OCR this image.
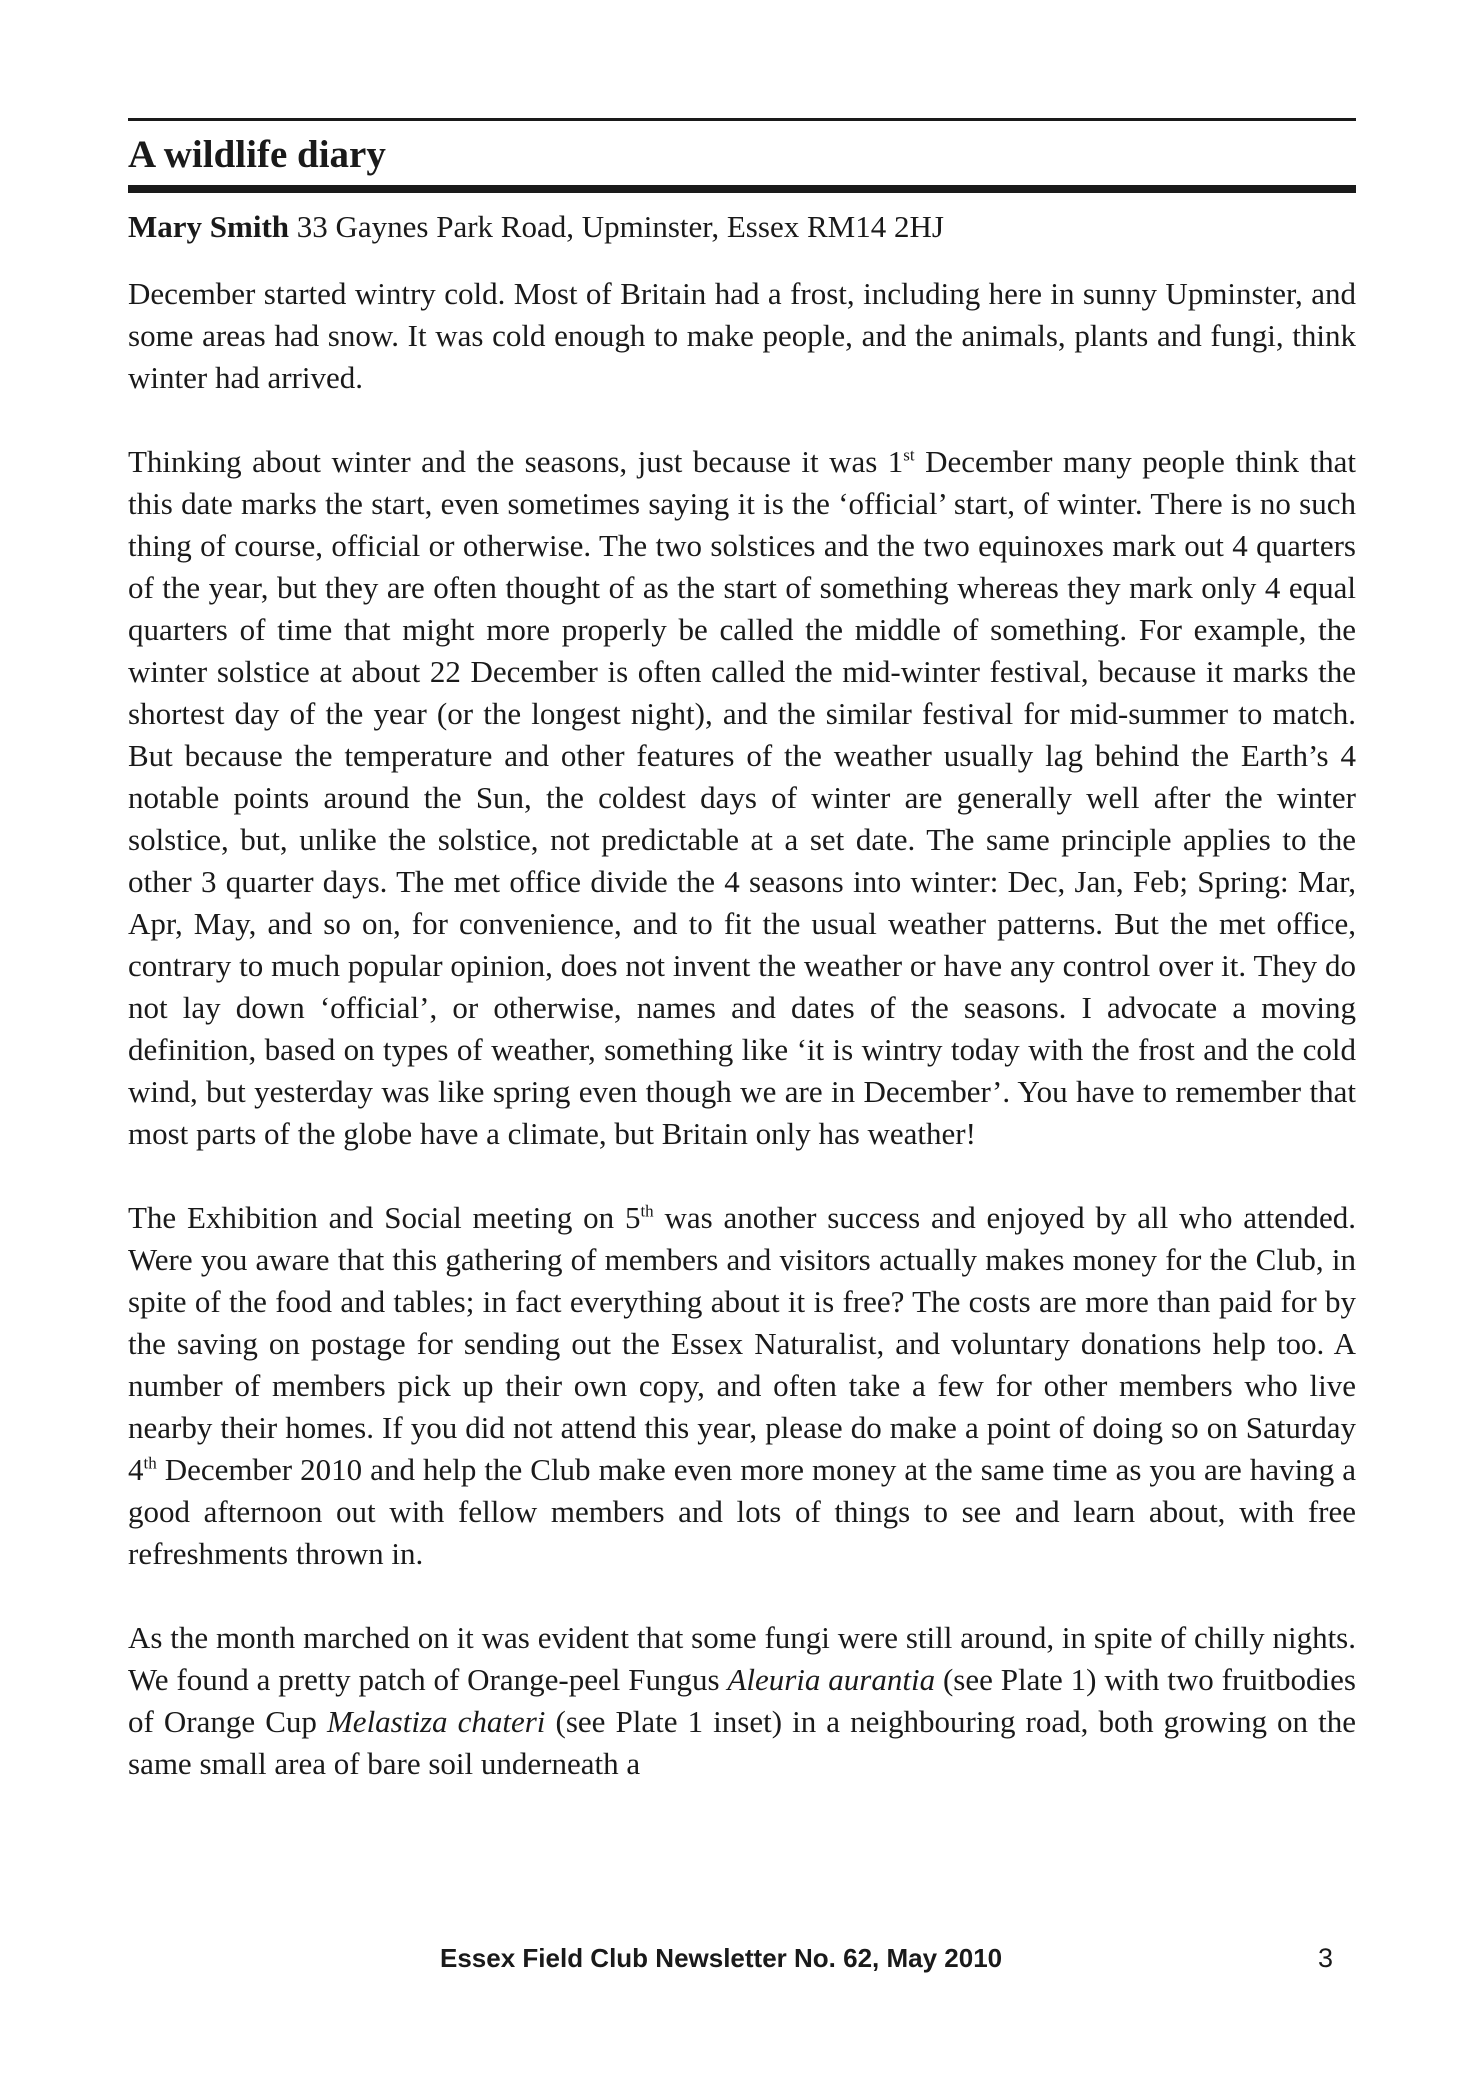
A wildlife diary

Mary Smith 33 Gaynes Park Road, Upminster, Essex RM14 2HJ

December started wintry cold. Most of Britain had a frost, including here in sunny Upminster, and some areas had snow. It was cold enough to make people, and the animals, plants and fungi, think winter had arrived.

Thinking about winter and the seasons, just because it was 1st December many people think that this date marks the start, even sometimes saying it is the ‘official’ start, of winter. There is no such thing of course, official or otherwise. The two solstices and the two equinoxes mark out 4 quarters of the year, but they are often thought of as the start of something whereas they mark only 4 equal quarters of time that might more properly be called the middle of something. For example, the winter solstice at about 22 December is often called the mid-winter festival, because it marks the shortest day of the year (or the longest night), and the similar festival for mid-summer to match. But because the temperature and other features of the weather usually lag behind the Earth’s 4 notable points around the Sun, the coldest days of winter are generally well after the winter solstice, but, unlike the solstice, not predictable at a set date. The same principle applies to the other 3 quarter days. The met office divide the 4 seasons into winter: Dec, Jan, Feb; Spring: Mar, Apr, May, and so on, for convenience, and to fit the usual weather patterns. But the met office, contrary to much popular opinion, does not invent the weather or have any control over it. They do not lay down ‘official’, or otherwise, names and dates of the seasons. I advocate a moving definition, based on types of weather, something like ‘it is wintry today with the frost and the cold wind, but yesterday was like spring even though we are in December’. You have to remember that most parts of the globe have a climate, but Britain only has weather!

The Exhibition and Social meeting on 5th was another success and enjoyed by all who attended. Were you aware that this gathering of members and visitors actually makes money for the Club, in spite of the food and tables; in fact everything about it is free? The costs are more than paid for by the saving on postage for sending out the Essex Naturalist, and voluntary donations help too. A number of members pick up their own copy, and often take a few for other members who live nearby their homes. If you did not attend this year, please do make a point of doing so on Saturday 4th December 2010 and help the Club make even more money at the same time as you are having a good afternoon out with fellow members and lots of things to see and learn about, with free refreshments thrown in.

As the month marched on it was evident that some fungi were still around, in spite of chilly nights. We found a pretty patch of Orange-peel Fungus Aleuria aurantia (see Plate 1) with two fruitbodies of Orange Cup Melastiza chateri (see Plate 1 inset) in a neighbouring road, both growing on the same small area of bare soil underneath a

Essex Field Club Newsletter No. 62, May 2010	3
